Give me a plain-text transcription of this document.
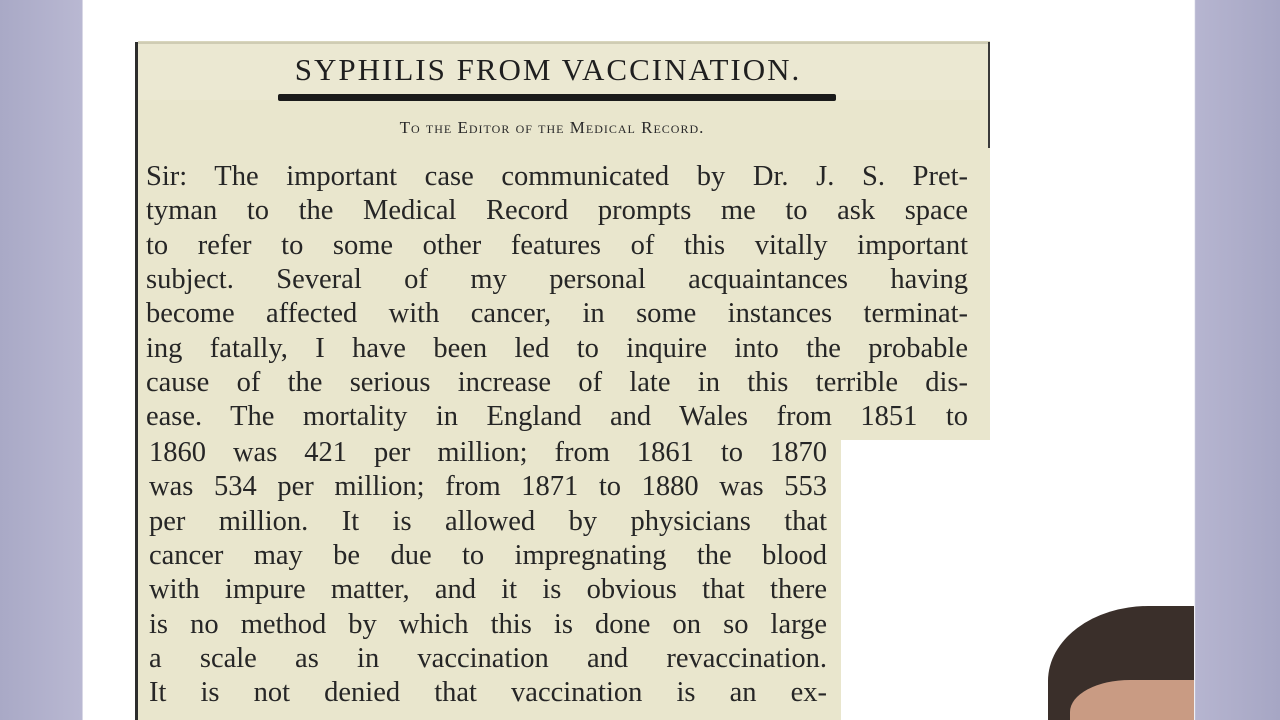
SYPHILIS FROM VACCINATION.
To the Editor of the Medical Record.
Sir: The important case communicated by Dr. J. S. Pret-
tyman to the Medical Record prompts me to ask space
to refer to some other features of this vitally important
subject. Several of my personal acquaintances having
become affected with cancer, in some instances terminat-
ing fatally, I have been led to inquire into the probable
cause of the serious increase of late in this terrible dis-
ease. The mortality in England and Wales from 1851 to
1860 was 421 per million; from 1861 to 1870
was 534 per million; from 1871 to 1880 was 553
per million. It is allowed by physicians that
cancer may be due to impregnating the blood
with impure matter, and it is obvious that there
is no method by which this is done on so large
a scale as in vaccination and revaccination.
It is not denied that vaccination is an ex-
